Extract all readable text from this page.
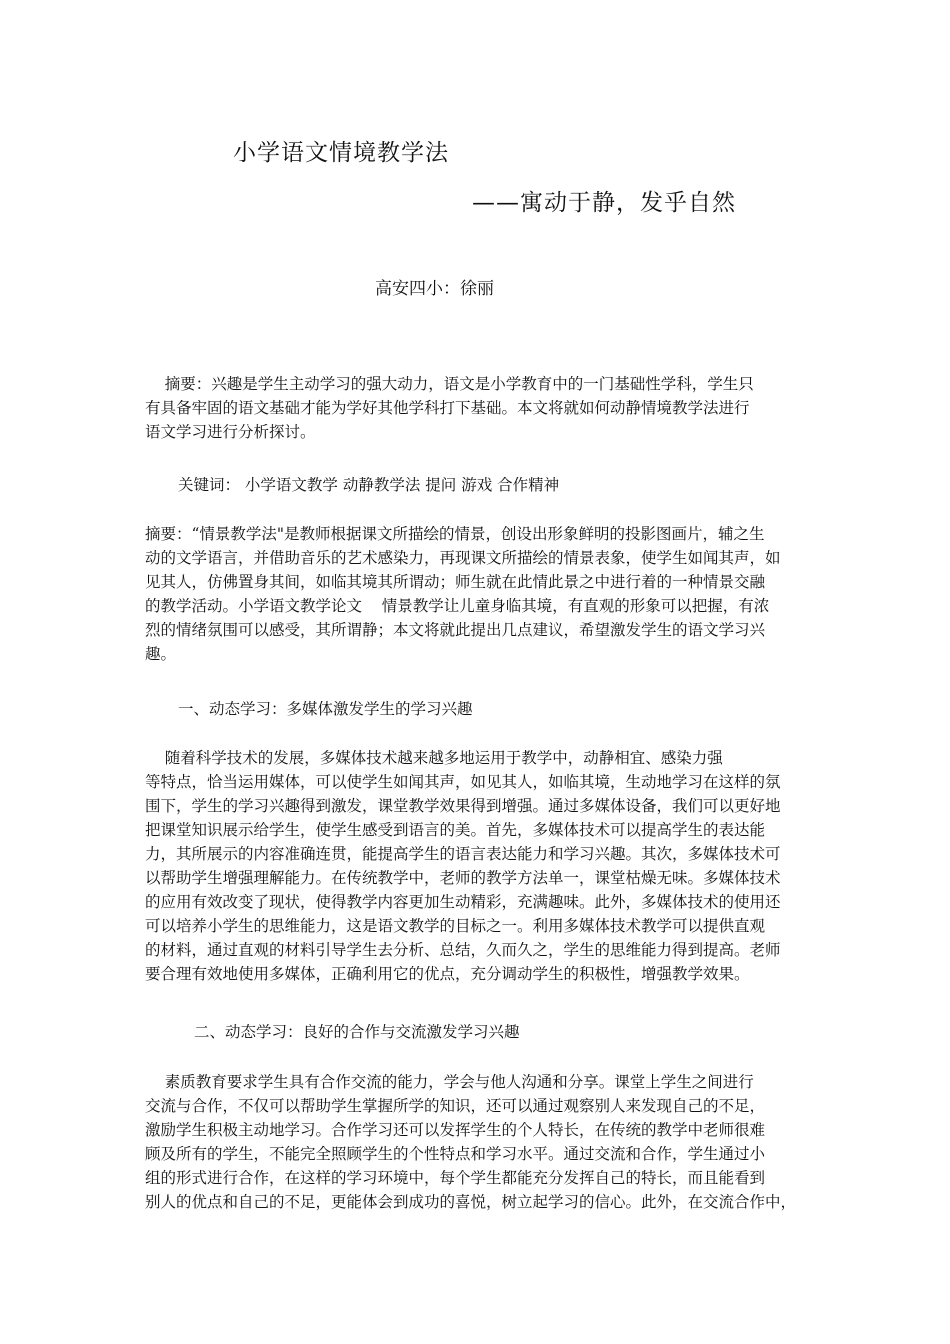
小学语文情境教学法
——寓动于静，发乎自然
高安四小：徐丽
摘要：兴趣是学生主动学习的强大动力，语文是小学教育中的一门基础性学科，学生只
有具备牢固的语文基础才能为学好其他学科打下基础。本文将就如何动静情境教学法进行
语文学习进行分析探讨。
关键词： 小学语文教学 动静教学法 提问 游戏 合作精神
摘要：“情景教学法"是教师根据课文所描绘的情景，创设出形象鲜明的投影图画片，辅之生
动的文学语言，并借助音乐的艺术感染力，再现课文所描绘的情景表象，使学生如闻其声，如
见其人，仿佛置身其间，如临其境其所谓动；师生就在此情此景之中进行着的一种情景交融
的教学活动。小学语文教学论文    情景教学让儿童身临其境，有直观的形象可以把握，有浓
烈的情绪氛围可以感受，其所谓静；本文将就此提出几点建议，希望激发学生的语文学习兴
趣。
一、动态学习：多媒体激发学生的学习兴趣
随着科学技术的发展，多媒体技术越来越多地运用于教学中，动静相宜、感染力强
等特点，恰当运用媒体，可以使学生如闻其声，如见其人，如临其境，生动地学习在这样的氛
围下，学生的学习兴趣得到激发，课堂教学效果得到增强。通过多媒体设备，我们可以更好地
把课堂知识展示给学生，使学生感受到语言的美。首先，多媒体技术可以提高学生的表达能
力，其所展示的内容准确连贯，能提高学生的语言表达能力和学习兴趣。其次，多媒体技术可
以帮助学生增强理解能力。在传统教学中，老师的教学方法单一，课堂枯燥无味。多媒体技术
的应用有效改变了现状，使得教学内容更加生动精彩，充满趣味。此外，多媒体技术的使用还
可以培养小学生的思维能力，这是语文教学的目标之一。利用多媒体技术教学可以提供直观
的材料，通过直观的材料引导学生去分析、总结，久而久之，学生的思维能力得到提高。老师
要合理有效地使用多媒体，正确利用它的优点，充分调动学生的积极性，增强教学效果。
二、动态学习：良好的合作与交流激发学习兴趣
素质教育要求学生具有合作交流的能力，学会与他人沟通和分享。课堂上学生之间进行
交流与合作，不仅可以帮助学生掌握所学的知识，还可以通过观察别人来发现自己的不足，
激励学生积极主动地学习。合作学习还可以发挥学生的个人特长，在传统的教学中老师很难
顾及所有的学生，不能完全照顾学生的个性特点和学习水平。通过交流和合作，学生通过小
组的形式进行合作，在这样的学习环境中，每个学生都能充分发挥自己的特长，而且能看到
别人的优点和自己的不足，更能体会到成功的喜悦，树立起学习的信心。此外，在交流合作中，
